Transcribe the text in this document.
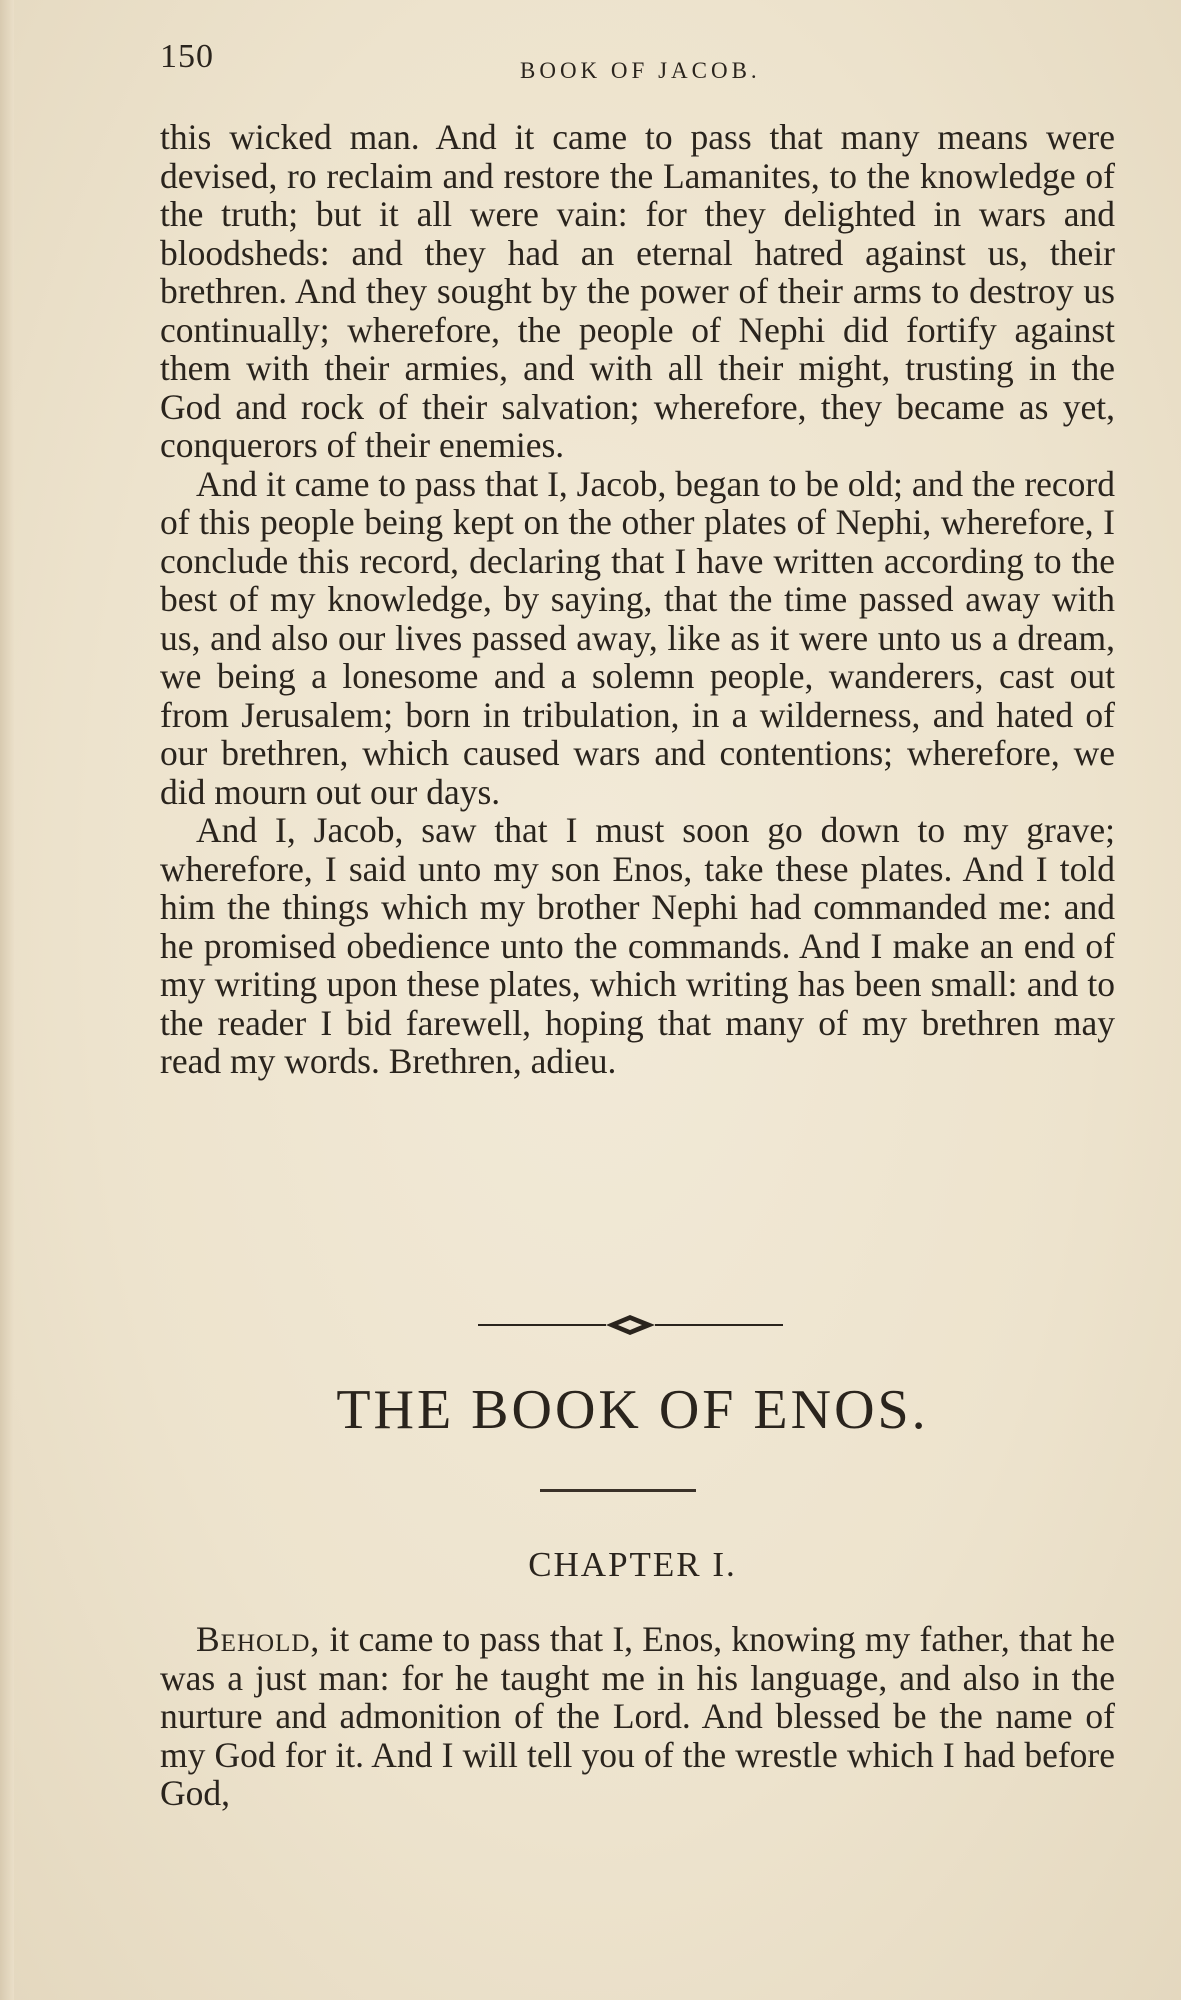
150	BOOK OF JACOB.

this wicked man. And it came to pass that many means were devised, ro reclaim and restore the Lamanites, to the knowledge of the truth; but it all were vain: for they delighted in wars and bloodsheds: and they had an eternal hatred against us, their brethren. And they sought by the power of their arms to destroy us continually; wherefore, the people of Nephi did fortify against them with their armies, and with all their might, trusting in the God and rock of their salvation; wherefore, they became as yet, conquerors of their enemies.

And it came to pass that I, Jacob, began to be old; and the record of this people being kept on the other plates of Nephi, wherefore, I conclude this record, declaring that I have written according to the best of my knowledge, by saying, that the time passed away with us, and also our lives passed away, like as it were unto us a dream, we being a lonesome and a solemn people, wanderers, cast out from Jerusalem; born in tribulation, in a wilderness, and hated of our brethren, which caused wars and contentions; wherefore, we did mourn out our days.

And I, Jacob, saw that I must soon go down to my grave; wherefore, I said unto my son Enos, take these plates. And I told him the things which my brother Nephi had commanded me: and he promised obedience unto the commands. And I make an end of my writing upon these plates, which writing has been small: and to the reader I bid farewell, hoping that many of my brethren may read my words. Brethren, adieu.

THE BOOK OF ENOS.
CHAPTER I.

Behold, it came to pass that I, Enos, knowing my father, that he was a just man: for he taught me in his language, and also in the nurture and admonition of the Lord. And blessed be the name of my God for it. And I will tell you of the wrestle which I had before God,
